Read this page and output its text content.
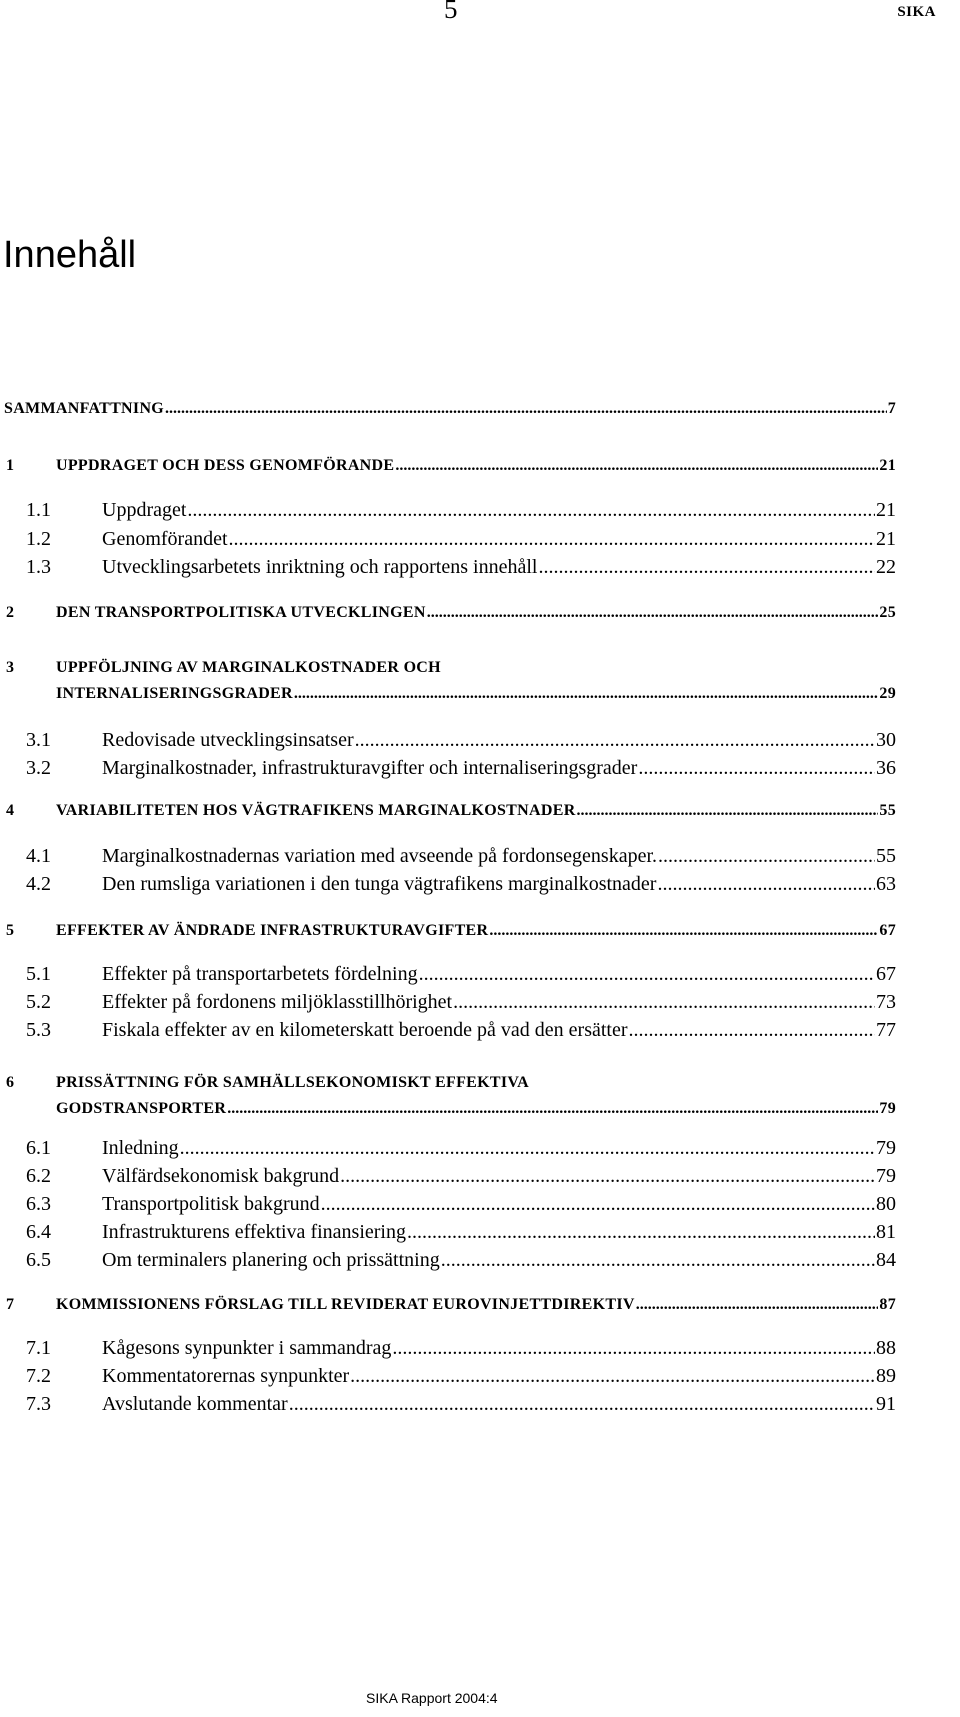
5	SIKA
Innehåll
SAMMANFATTNING .....	7
1	UPPDRAGET OCH DESS GENOMFÖRANDE .....	21
1.1	Uppdraget .....	21
1.2	Genomförandet .....	21
1.3	Utvecklingsarbetets inriktning och rapportens innehåll .....	22
2	DEN TRANSPORTPOLITISKA UTVECKLINGEN .....	25
3	UPPFÖLJNING AV MARGINALKOSTNADER OCH
INTERNALISERINGSGRADER .....	29
3.1	Redovisade utvecklingsinsatser .....	30
3.2	Marginalkostnader, infrastrukturavgifter och internaliseringsgrader .....	36
4	VARIABILITETEN HOS VÄGTRAFIKENS MARGINALKOSTNADER .....	55
4.1	Marginalkostnadernas variation med avseende på fordonsegenskaper. .....	55
4.2	Den rumsliga variationen i den tunga vägtrafikens marginalkostnader .....	63
5	EFFEKTER AV ÄNDRADE INFRASTRUKTURAVGIFTER .....	67
5.1	Effekter på transportarbetets fördelning .....	67
5.2	Effekter på fordonens miljöklasstillhörighet .....	73
5.3	Fiskala effekter av en kilometerskatt beroende på vad den ersätter .....	77
6	PRISSÄTTNING FÖR SAMHÄLLSEKONOMISKT EFFEKTIVA
GODSTRANSPORTER .....	79
6.1	Inledning .....	79
6.2	Välfärdsekonomisk bakgrund .....	79
6.3	Transportpolitisk bakgrund .....	80
6.4	Infrastrukturens effektiva finansiering .....	81
6.5	Om terminalers planering och prissättning .....	84
7	KOMMISSIONENS FÖRSLAG TILL REVIDERAT EUROVINJETTDIREKTIV .....	87
7.1	Kågesons synpunkter i sammandrag .....	88
7.2	Kommentatorernas synpunkter .....	89
7.3	Avslutande kommentar .....	91
SIKA Rapport 2004:4
